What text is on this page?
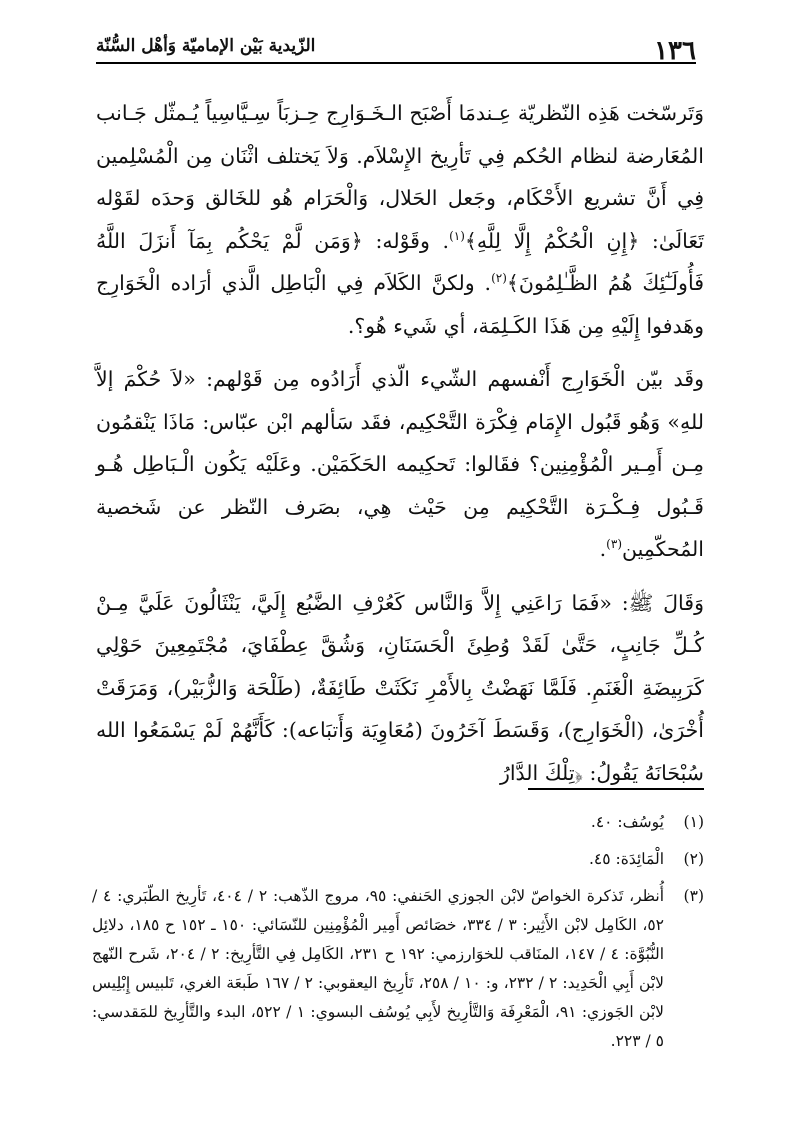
١٣٦
الزّيدية بَيْن الإماميّة وَأهْل السُّنّة

وَتَرسّخت هَذِه النّظريّة عِـندمَا أَصْبَح الـخَـوَارِج حِـزبَاً سِـيَّاسِياً يُـمثّل جَـانب المُعَارضة لنظام الحُكم فِي تَأرِيخ الإِسْلاَم. وَلاَ يَختلف اثْنَان مِن الْمُسْلِمين فِي أَنَّ تشريع الأَحْكَام، وجَعل الحَلال، وَالْحَرَام هُو للخَالق وَحدَه لقَوْله تَعَالَىٰ: ﴿إِنِ الْحُكْمُ إِلَّا لِلَّهِ﴾$^{(١)}$. وقَوْله: ﴿وَمَن لَّمْ يَحْكُم بِمَآ أَنزَلَ اللَّهُ فَأُولَـٰٓئِكَ هُمُ الظَّـٰلِمُونَ﴾$^{(٢)}$. ولكنَّ الكَلاَم فِي الْبَاطِل الَّذي أرَاده الْخَوَارِج وهَدفوا إِلَيْهِ مِن هَذَا الكَـلِمَة، أي شَيء هُو؟.

وقَد بيّن الْخَوَارِج أَنْفسهم الشّيء الّذي أَرَادُوه مِن قَوْلهم: «لاَ حُكْمَ إلاَّ للهِ» وَهُو قَبُول الإِمَام فِكْرَة التَّحْكِيم، فقَد سَألهم ابْن عبّاس: مَاذَا يَنْقمُون مِـن أَمِـير الْمُؤْمِنِين؟ فقَالوا: تَحكِيمه الحَكَمَيْن. وعَلَيْه يَكُون الْـبَاطِل هُـو قَـبُول فِـكْـرَة التَّحْكِيم مِن حَيْث هِي، بصَرف النّظر عن شَخصية المُحكّمِين$^{(٣)}$.

وَقَالَ ﷺ: «فَمَا رَاعَنِي إِلاَّ وَالنَّاس كَعُرْفِ الضَّبُع إِلَيَّ، يَنْثَالُونَ عَلَيَّ مِـنْ كُـلِّ جَانِبٍ، حَتَّىٰ لَقَدْ وُطِئَ الْحَسَنَانِ، وَشُقَّ عِطْفَايَ، مُجْتَمِعِينَ حَوْلِي كَرَبِيضَةِ الْغَنَمِ. فَلَمَّا نَهَضْتُ بِالأَمْرِ نَكَثَتْ طَائِفَةٌ، (طَلْحَة وَالزُّبَيْر)، وَمَرَقَتْ أُخْرَىٰ، (الْخَوَارِج)، وَقَسَطَ آخَرُونَ (مُعَاوِيَة وَأَتبَاعه): كَأَنَّهُمْ لَمْ يَسْمَعُوا الله سُبْحَانَهُ يَقُولُ: ﴿تِلْكَ الدَّارُ

(١)
يُوسُف: ٤٠.
(٢)
الْمَائِدَة: ٤٥.
(٣)
أُنظر، تَذكرة الخواصّ لابْن الجوزي الحَنفي: ٩٥، مروج الذّهب: ٢ / ٤٠٤، تَأرِيخ الطّبَري: ٤ / ٥٢، الكَامِل لابْن الأَثِير: ٣ / ٣٣٤، خصَائص أَمِير الْمُؤْمِنِين للنّسَائي: ١٥٠ ـ ١٥٢ ح ١٨٥، دلائِل النُّبُوَّة: ٤ / ١٤٧، المنَاقب للخوَارزمي: ١٩٢ ح ٢٣١، الكَامِل فِي التَّأرِيخ: ٢ / ٢٠٤، شَرح النّهج لابْن أَبِي الْحَدِيد: ٢ / ٢٣٢، و: ١٠ / ٢٥٨، تَأرِيخ اليعقوبي: ٢ / ١٦٧ طَبعَة الغري، تَلبيس إِبْلِيس لابْن الجَوزي: ٩١، الْمَعْرِفَة وَالتَّأرِيخ لأَبِي يُوسُف البسوي: ١ / ٥٢٢، البدء والتَّأرِيخ للمَقدسي: ٥ / ٢٢٣.
